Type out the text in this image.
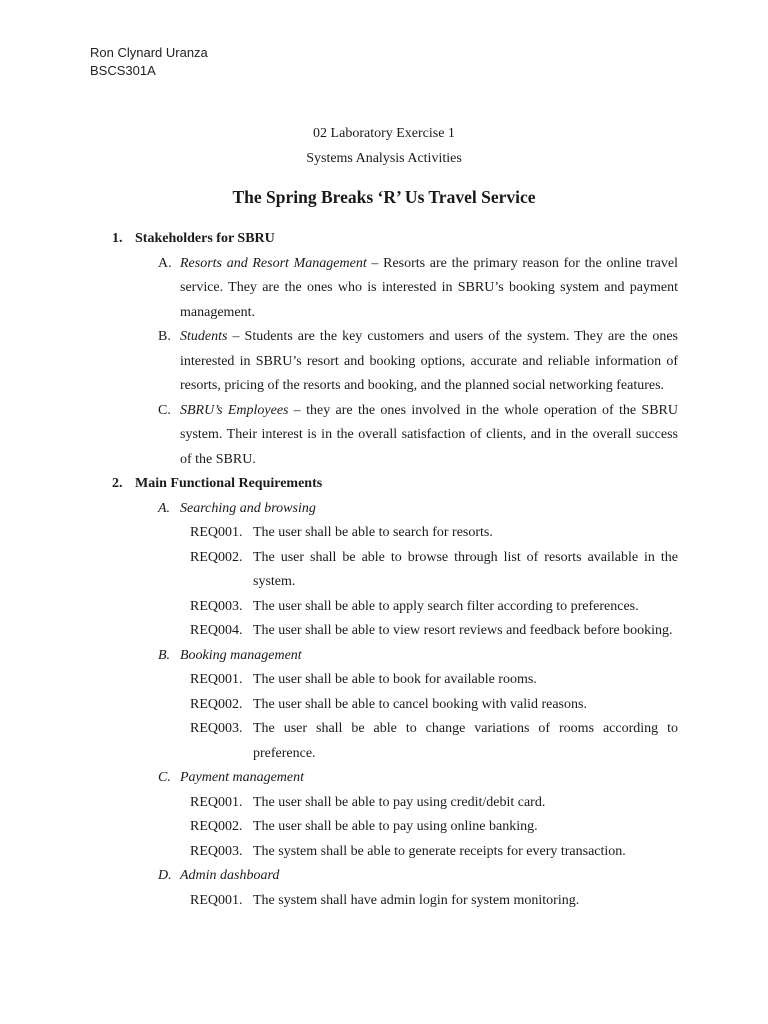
Ron Clynard Uranza
BSCS301A
02 Laboratory Exercise 1
Systems Analysis Activities
The Spring Breaks ‘R’ Us Travel Service
1. Stakeholders for SBRU
A. Resorts and Resort Management – Resorts are the primary reason for the online travel service. They are the ones who is interested in SBRU’s booking system and payment management.
B. Students – Students are the key customers and users of the system. They are the ones interested in SBRU’s resort and booking options, accurate and reliable information of resorts, pricing of the resorts and booking, and the planned social networking features.
C. SBRU’s Employees – they are the ones involved in the whole operation of the SBRU system. Their interest is in the overall satisfaction of clients, and in the overall success of the SBRU.
2. Main Functional Requirements
A. Searching and browsing
REQ001. The user shall be able to search for resorts.
REQ002. The user shall be able to browse through list of resorts available in the system.
REQ003. The user shall be able to apply search filter according to preferences.
REQ004. The user shall be able to view resort reviews and feedback before booking.
B. Booking management
REQ001. The user shall be able to book for available rooms.
REQ002. The user shall be able to cancel booking with valid reasons.
REQ003. The user shall be able to change variations of rooms according to preference.
C. Payment management
REQ001. The user shall be able to pay using credit/debit card.
REQ002. The user shall be able to pay using online banking.
REQ003. The system shall be able to generate receipts for every transaction.
D. Admin dashboard
REQ001. The system shall have admin login for system monitoring.
